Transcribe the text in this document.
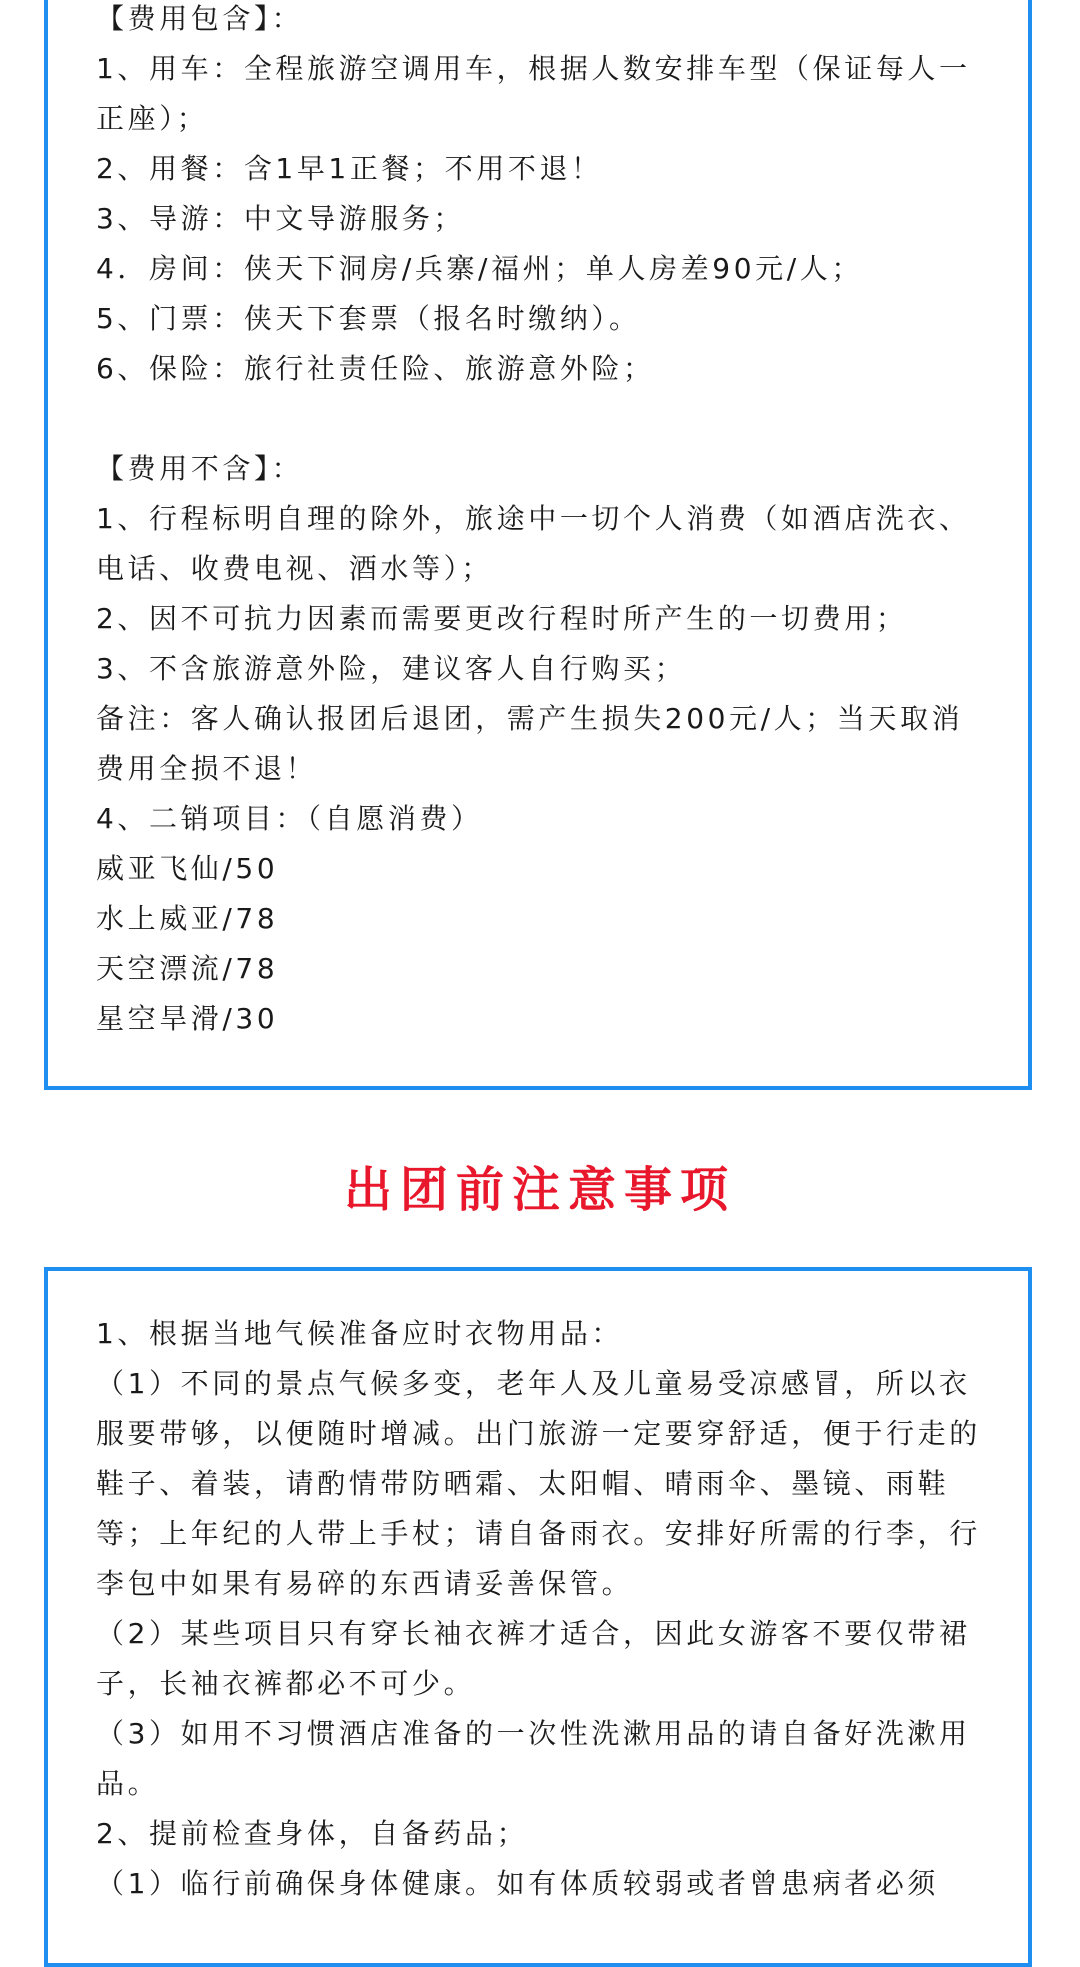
【费用包含】：

1、用车：全程旅游空调用车，根据人数安排车型（保证每人一正座）；

2、用餐：含1早1正餐；不用不退！

3、导游：中文导游服务；

4．房间：侠天下洞房/兵寨/福州；单人房差90元/人；

5、门票：侠天下套票（报名时缴纳）。

6、保险：旅行社责任险、旅游意外险；

【费用不含】：

1、行程标明自理的除外，旅途中一切个人消费（如酒店洗衣、电话、收费电视、酒水等）；

2、因不可抗力因素而需要更改行程时所产生的一切费用；

3、不含旅游意外险，建议客人自行购买；

备注：客人确认报团后退团，需产生损失200元/人；当天取消费用全损不退！

4、二销项目：（自愿消费）

威亚飞仙/50

水上威亚/78

天空漂流/78

星空旱滑/30

出团前注意事项

1、根据当地气候准备应时衣物用品：

（1）不同的景点气候多变，老年人及儿童易受凉感冒，所以衣服要带够，以便随时增减。出门旅游一定要穿舒适，便于行走的鞋子、着装，请酌情带防晒霜、太阳帽、晴雨伞、墨镜、雨鞋等；上年纪的人带上手杖；请自备雨衣。安排好所需的行李，行李包中如果有易碎的东西请妥善保管。

（2）某些项目只有穿长袖衣裤才适合，因此女游客不要仅带裙子，长袖衣裤都必不可少。

（3）如用不习惯酒店准备的一次性洗漱用品的请自备好洗漱用品。

2、提前检查身体，自备药品；

（1）临行前确保身体健康。如有体质较弱或者曾患病者必须
